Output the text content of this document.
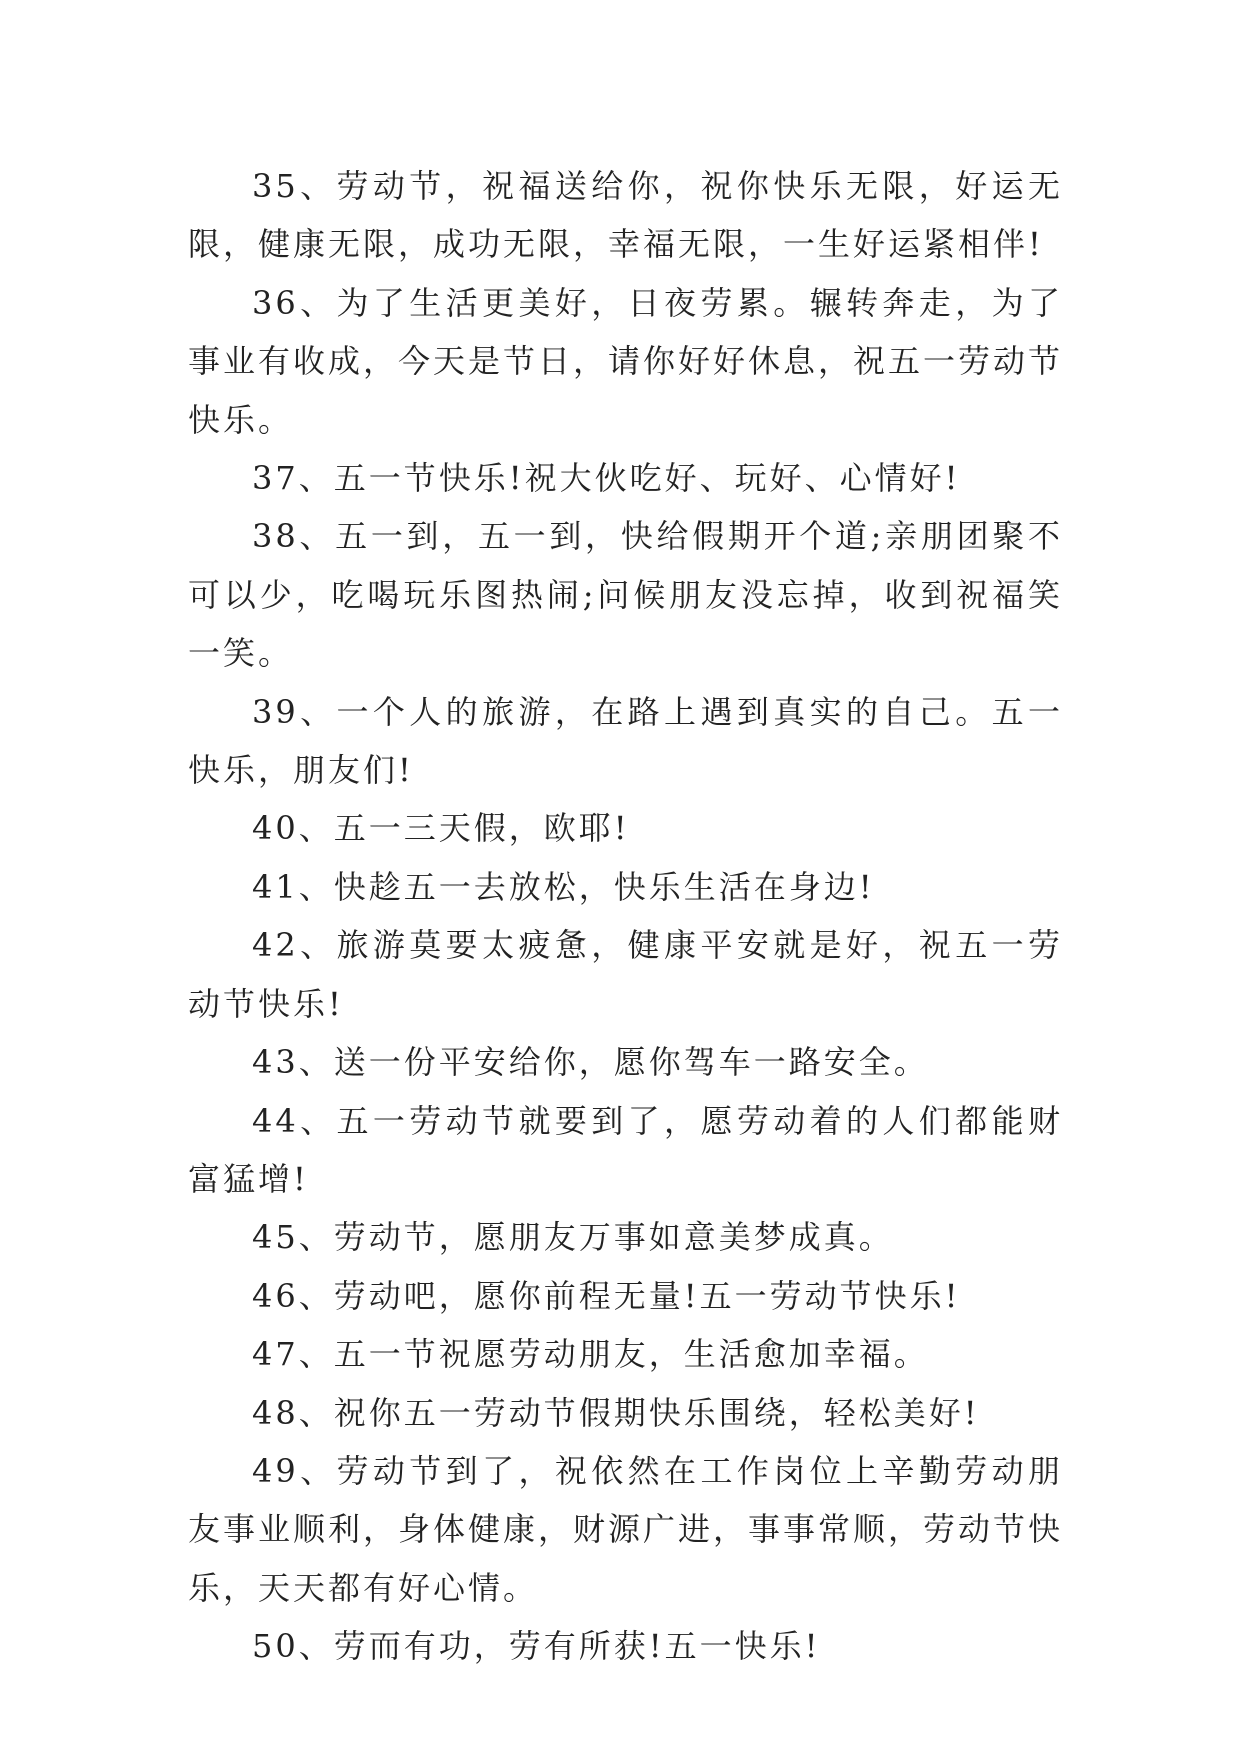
35、劳动节，祝福送给你，祝你快乐无限，好运无限，健康无限，成功无限，幸福无限，一生好运紧相伴!

36、为了生活更美好，日夜劳累。辗转奔走，为了事业有收成，今天是节日，请你好好休息，祝五一劳动节快乐。

37、五一节快乐!祝大伙吃好、玩好、心情好!

38、五一到，五一到，快给假期开个道;亲朋团聚不可以少，吃喝玩乐图热闹;问候朋友没忘掉，收到祝福笑一笑。

39、一个人的旅游，在路上遇到真实的自己。五一快乐，朋友们!

40、五一三天假，欧耶!

41、快趁五一去放松，快乐生活在身边!

42、旅游莫要太疲惫，健康平安就是好，祝五一劳动节快乐!

43、送一份平安给你，愿你驾车一路安全。

44、五一劳动节就要到了，愿劳动着的人们都能财富猛增!

45、劳动节，愿朋友万事如意美梦成真。

46、劳动吧，愿你前程无量!五一劳动节快乐!

47、五一节祝愿劳动朋友，生活愈加幸福。

48、祝你五一劳动节假期快乐围绕，轻松美好!

49、劳动节到了，祝依然在工作岗位上辛勤劳动朋友事业顺利，身体健康，财源广进，事事常顺，劳动节快乐，天天都有好心情。

50、劳而有功，劳有所获!五一快乐!
